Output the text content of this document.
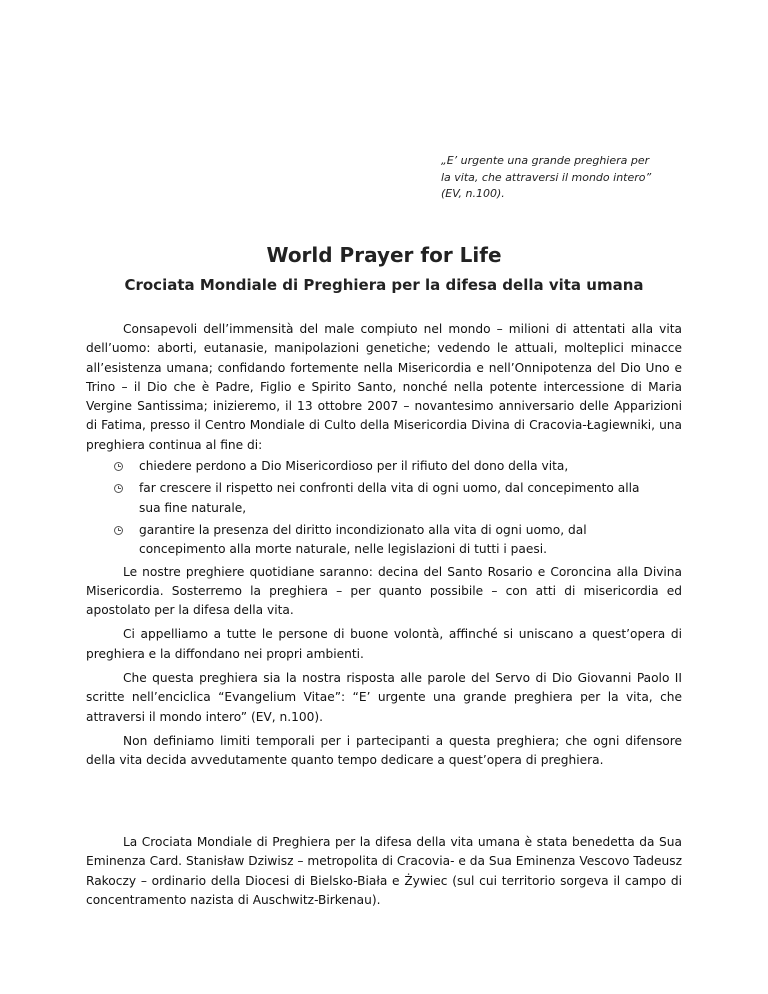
„E’ urgente una grande preghiera per
la vita, che attraversi il mondo intero”
(EV, n.100).
World Prayer for Life
Crociata Mondiale di Preghiera per la difesa della vita umana

Consapevoli dell’immensità del male compiuto nel mondo – milioni di attentati alla vita dell’uomo: aborti, eutanasie, manipolazioni genetiche; vedendo le attuali, molteplici minacce all’esistenza umana; confidando fortemente nella Misericordia e nell’Onnipotenza del Dio Uno e Trino – il Dio che è Padre, Figlio e Spirito Santo, nonché nella potente intercessione di Maria Vergine Santissima; inizieremo, il 13 ottobre 2007 – novantesimo anniversario delle Apparizioni di Fatima, presso il Centro Mondiale di Culto della Misericordia Divina di Cracovia-Łagiewniki, una preghiera continua al fine di:

chiedere perdono a Dio Misericordioso per il rifiuto del dono della vita,
far crescere il rispetto nei confronti della vita di ogni uomo, dal concepimento alla sua fine naturale,
garantire la presenza del diritto incondizionato alla vita di ogni uomo, dal concepimento alla morte naturale, nelle legislazioni di tutti i paesi.

Le nostre preghiere quotidiane saranno: decina del Santo Rosario e Coroncina alla Divina Misericordia. Sosterremo la preghiera – per quanto possibile – con atti di misericordia ed apostolato per la difesa della vita.

Ci appelliamo a tutte le persone di buone volontà, affinché si uniscano a quest’opera di preghiera e la diffondano nei propri ambienti.

Che questa preghiera sia la nostra risposta alle parole del Servo di Dio Giovanni Paolo II scritte nell’enciclica “Evangelium Vitae”: “E’ urgente una grande preghiera per la vita, che attraversi il mondo intero” (EV, n.100).

Non definiamo limiti temporali per i partecipanti a questa preghiera; che ogni difensore della vita decida avvedutamente quanto tempo dedicare a quest’opera di preghiera.

La Crociata Mondiale di Preghiera per la difesa della vita umana è stata benedetta da Sua Eminenza Card. Stanisław Dziwisz – metropolita di Cracovia- e da Sua Eminenza Vescovo Tadeusz Rakoczy – ordinario della Diocesi di Bielsko-Biała e Żywiec (sul cui territorio sorgeva il campo di concentramento nazista di Auschwitz-Birkenau).
